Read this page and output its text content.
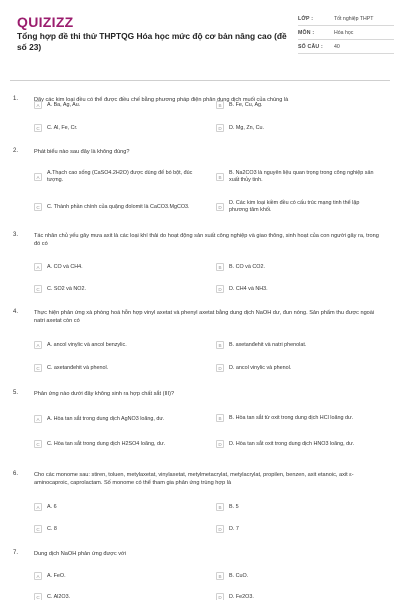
QUIZIZZ
Tổng hợp đề thi thử THPTQG Hóa học mức độ cơ bản nâng cao (đề số 23)
LỚP :	Tốt nghiệp THPT
MÔN :	Hóa học
SỐ CÂU :	40
1.	Dãy các kim loại đều có thể được điều chế bằng phương pháp điện phân dung dịch muối của chúng là
2.	Phát biểu nào sau đây là không đúng?
3.	Tác nhân chủ yếu gây mưa axit là các loại khí thải do hoạt động sản xuất công nghiệp và giao thông, sinh hoạt của con người gây ra, trong đó có
4.	Thực hiện phản ứng xà phòng hoá hỗn hợp vinyl axetat và phenyl axetat bằng dung dịch NaOH dư, đun nóng. Sản phẩm thu được ngoài natri axetat còn có
5.	Phản ứng nào dưới đây không sinh ra hợp chất sắt (III)?
6.	Cho các monome sau: stiren, toluen, metylaxetat, vinylaxetat, metylmetacrylat, metylacrylat, propilen, benzen, axit etanoic, axit ε-aminocaproic, caprolactam. Số monome có thể tham gia phản ứng trùng hợp là
7.	Dung dịch NaOH phản ứng được với
A	A. Ba, Ag, Au.	B	B. Fe, Cu, Ag.
C	C. Al, Fe, Cr.	D	D. Mg, Zn, Cu.
A
A.Thạch cao sống (CaSO4.2H2O) được dùng để bó bột, đúc tượng.	B
B. Na2CO3 là nguyên liệu quan trọng trong công nghiệp sản xuất thủy tinh.
C	C. Thành phần chính của quặng đolomit là CaCO3.MgCO3.	D
D. Các kim loại kiềm đều có cấu trúc mạng tinh thể lập phương tâm khối.
A	A. CO và CH4.	B	B. CO và CO2.
C	C. SO2 và NO2.	D	D. CH4 và NH3.
A	A. ancol vinylic và ancol benzylic.	B	B. axetanđehit và natri phenolat.
C	C. axetanđehit và phenol.	D	D. ancol vinylic và phenol.
A	A. Hòa tan sắt trong dung dịch AgNO3 loãng, dư.	B	B. Hòa tan sắt từ oxit trong dung dịch HCl loãng dư.
C	C. Hòa tan sắt trong dung dịch H2SO4 loãng, dư.	D	D. Hòa tan sắt oxit trong dung dịch HNO3 loãng, dư.
A	A. 6	B	B. 5
C	C. 8	D	D. 7
A	A. FeO.	B	B. CuO.
C	C. Al2O3.	D	D. Fe2O3.
